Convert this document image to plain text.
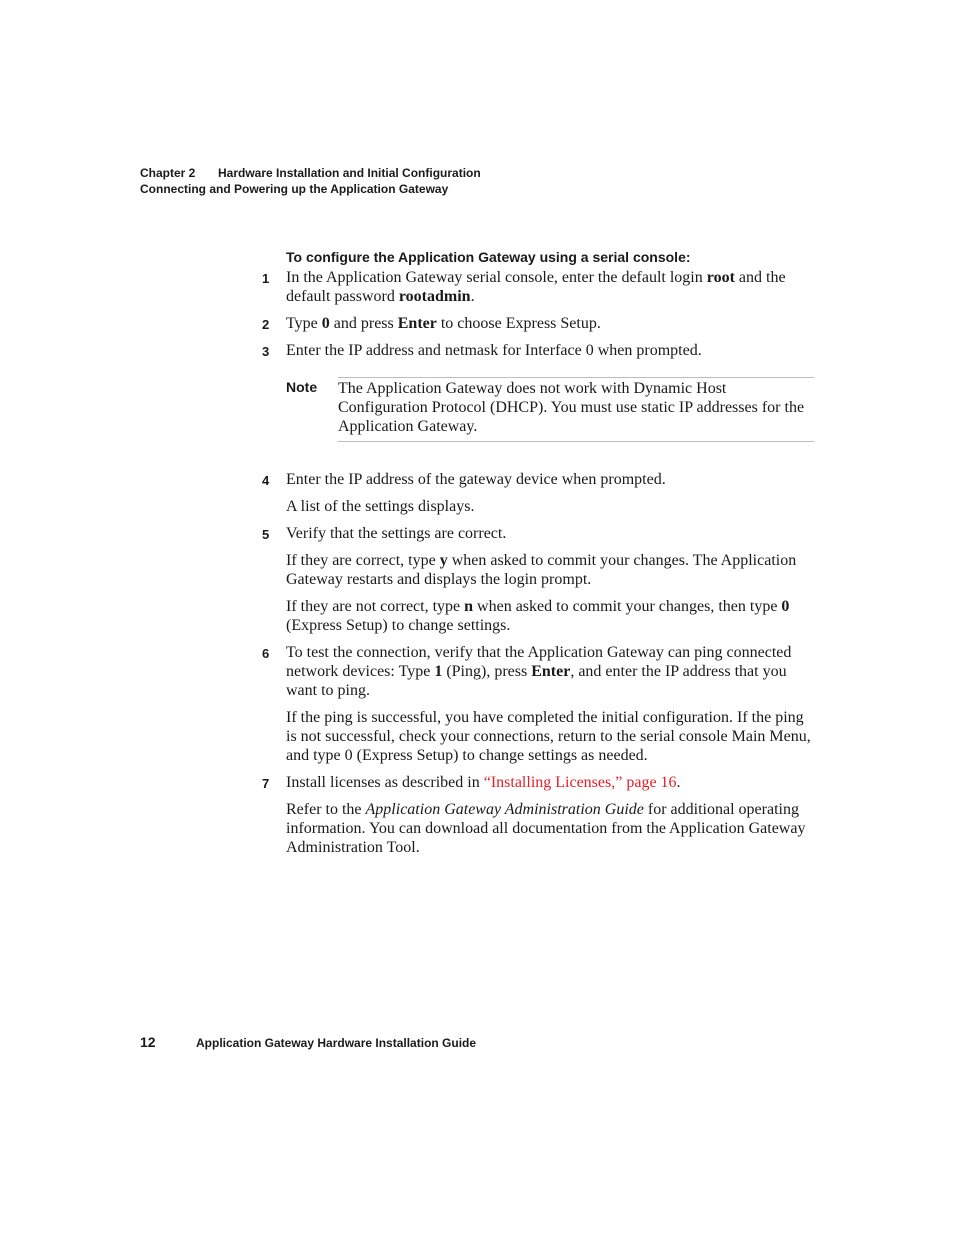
Chapter 2 Hardware Installation and Initial Configuration
Connecting and Powering up the Application Gateway
To configure the Application Gateway using a serial console:
1 In the Application Gateway serial console, enter the default login root and the default password rootadmin.
2 Type 0 and press Enter to choose Express Setup.
3 Enter the IP address and netmask for Interface 0 when prompted.
Note The Application Gateway does not work with Dynamic Host Configuration Protocol (DHCP). You must use static IP addresses for the Application Gateway.
4 Enter the IP address of the gateway device when prompted.
A list of the settings displays.
5 Verify that the settings are correct.
If they are correct, type y when asked to commit your changes. The Application Gateway restarts and displays the login prompt.
If they are not correct, type n when asked to commit your changes, then type 0 (Express Setup) to change settings.
6 To test the connection, verify that the Application Gateway can ping connected network devices: Type 1 (Ping), press Enter, and enter the IP address that you want to ping.
If the ping is successful, you have completed the initial configuration. If the ping is not successful, check your connections, return to the serial console Main Menu, and type 0 (Express Setup) to change settings as needed.
7 Install licenses as described in “Installing Licenses,” page 16.
Refer to the Application Gateway Administration Guide for additional operating information. You can download all documentation from the Application Gateway Administration Tool.
12	Application Gateway Hardware Installation Guide
